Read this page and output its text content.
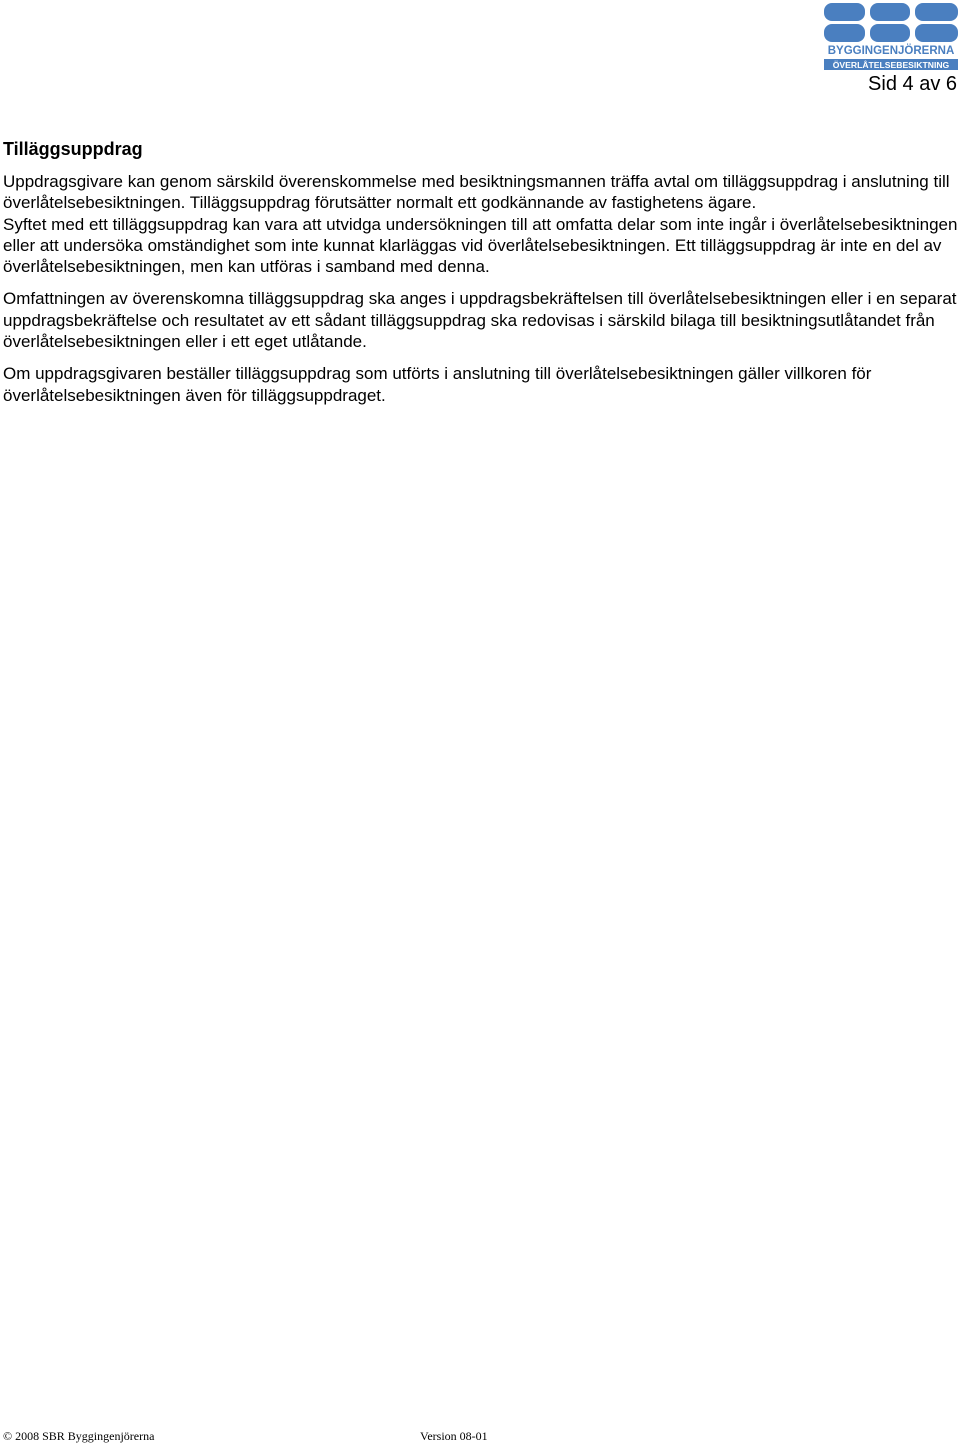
BYGGINGENJÖRERNA
ÖVERLÅTELSEBESIKTNING
Sid 4 av 6
Tilläggsuppdrag

Uppdragsgivare kan genom särskild överenskommelse med besiktningsmannen träffa avtal om tilläggsuppdrag i anslutning till överlåtelsebesiktningen. Tilläggsuppdrag förutsätter normalt ett godkännande av fastighetens ägare.

Syftet med ett tilläggsuppdrag kan vara att utvidga undersökningen till att omfatta delar som inte ingår i överlåtelsebesiktningen eller att undersöka omständighet som inte kunnat klarläggas vid överlåtelsebesiktningen. Ett tilläggsuppdrag är inte en del av överlåtelsebesiktningen, men kan utföras i samband med denna.

Omfattningen av överenskomna tilläggsuppdrag ska anges i uppdragsbekräftelsen till överlåtelsebesiktningen eller i en separat uppdragsbekräftelse och resultatet av ett sådant tilläggsuppdrag ska redovisas i särskild bilaga till besiktningsutlåtandet från överlåtelsebesiktningen eller i ett eget utlåtande.

Om uppdragsgivaren beställer tilläggsuppdrag som utförts i anslutning till överlåtelsebesiktningen gäller villkoren för överlåtelsebesiktningen även för tilläggsuppdraget.

© 2008 SBR Byggingenjörerna	Version 08-01
